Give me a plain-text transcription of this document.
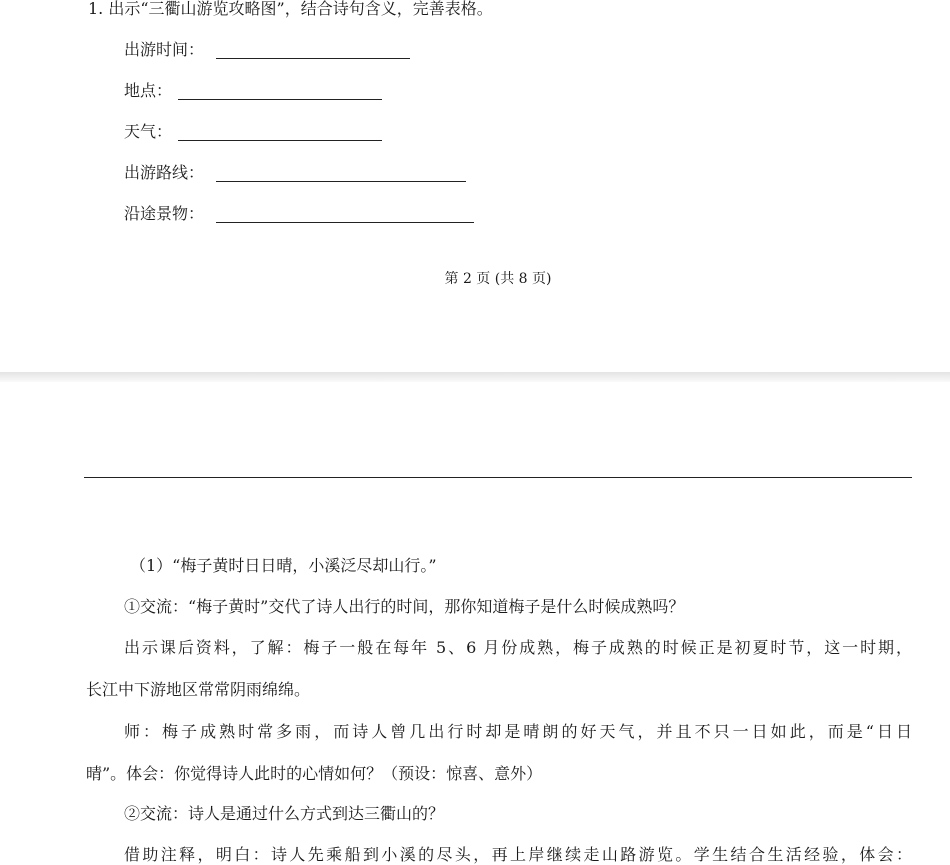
1. 出示“三衢山游览攻略图”，结合诗句含义，完善表格。
出游时间：
地点：
天气：
出游路线：
沿途景物：
第 2 页 (共 8 页)
（1）“梅子黄时日日晴，小溪泛尽却山行。”
①交流：“梅子黄时”交代了诗人出行的时间，那你知道梅子是什么时候成熟吗？
出示课后资料，了解：梅子一般在每年 5、6 月份成熟，梅子成熟的时候正是初夏时节，这一时期，
长江中下游地区常常阴雨绵绵。
师：梅子成熟时常多雨，而诗人曾几出行时却是晴朗的好天气，并且不只一日如此，而是“日日
晴”。体会：你觉得诗人此时的心情如何？（预设：惊喜、意外）
②交流：诗人是通过什么方式到达三衢山的？
借助注释，明白：诗人先乘船到小溪的尽头，再上岸继续走山路游览。学生结合生活经验，体会：
